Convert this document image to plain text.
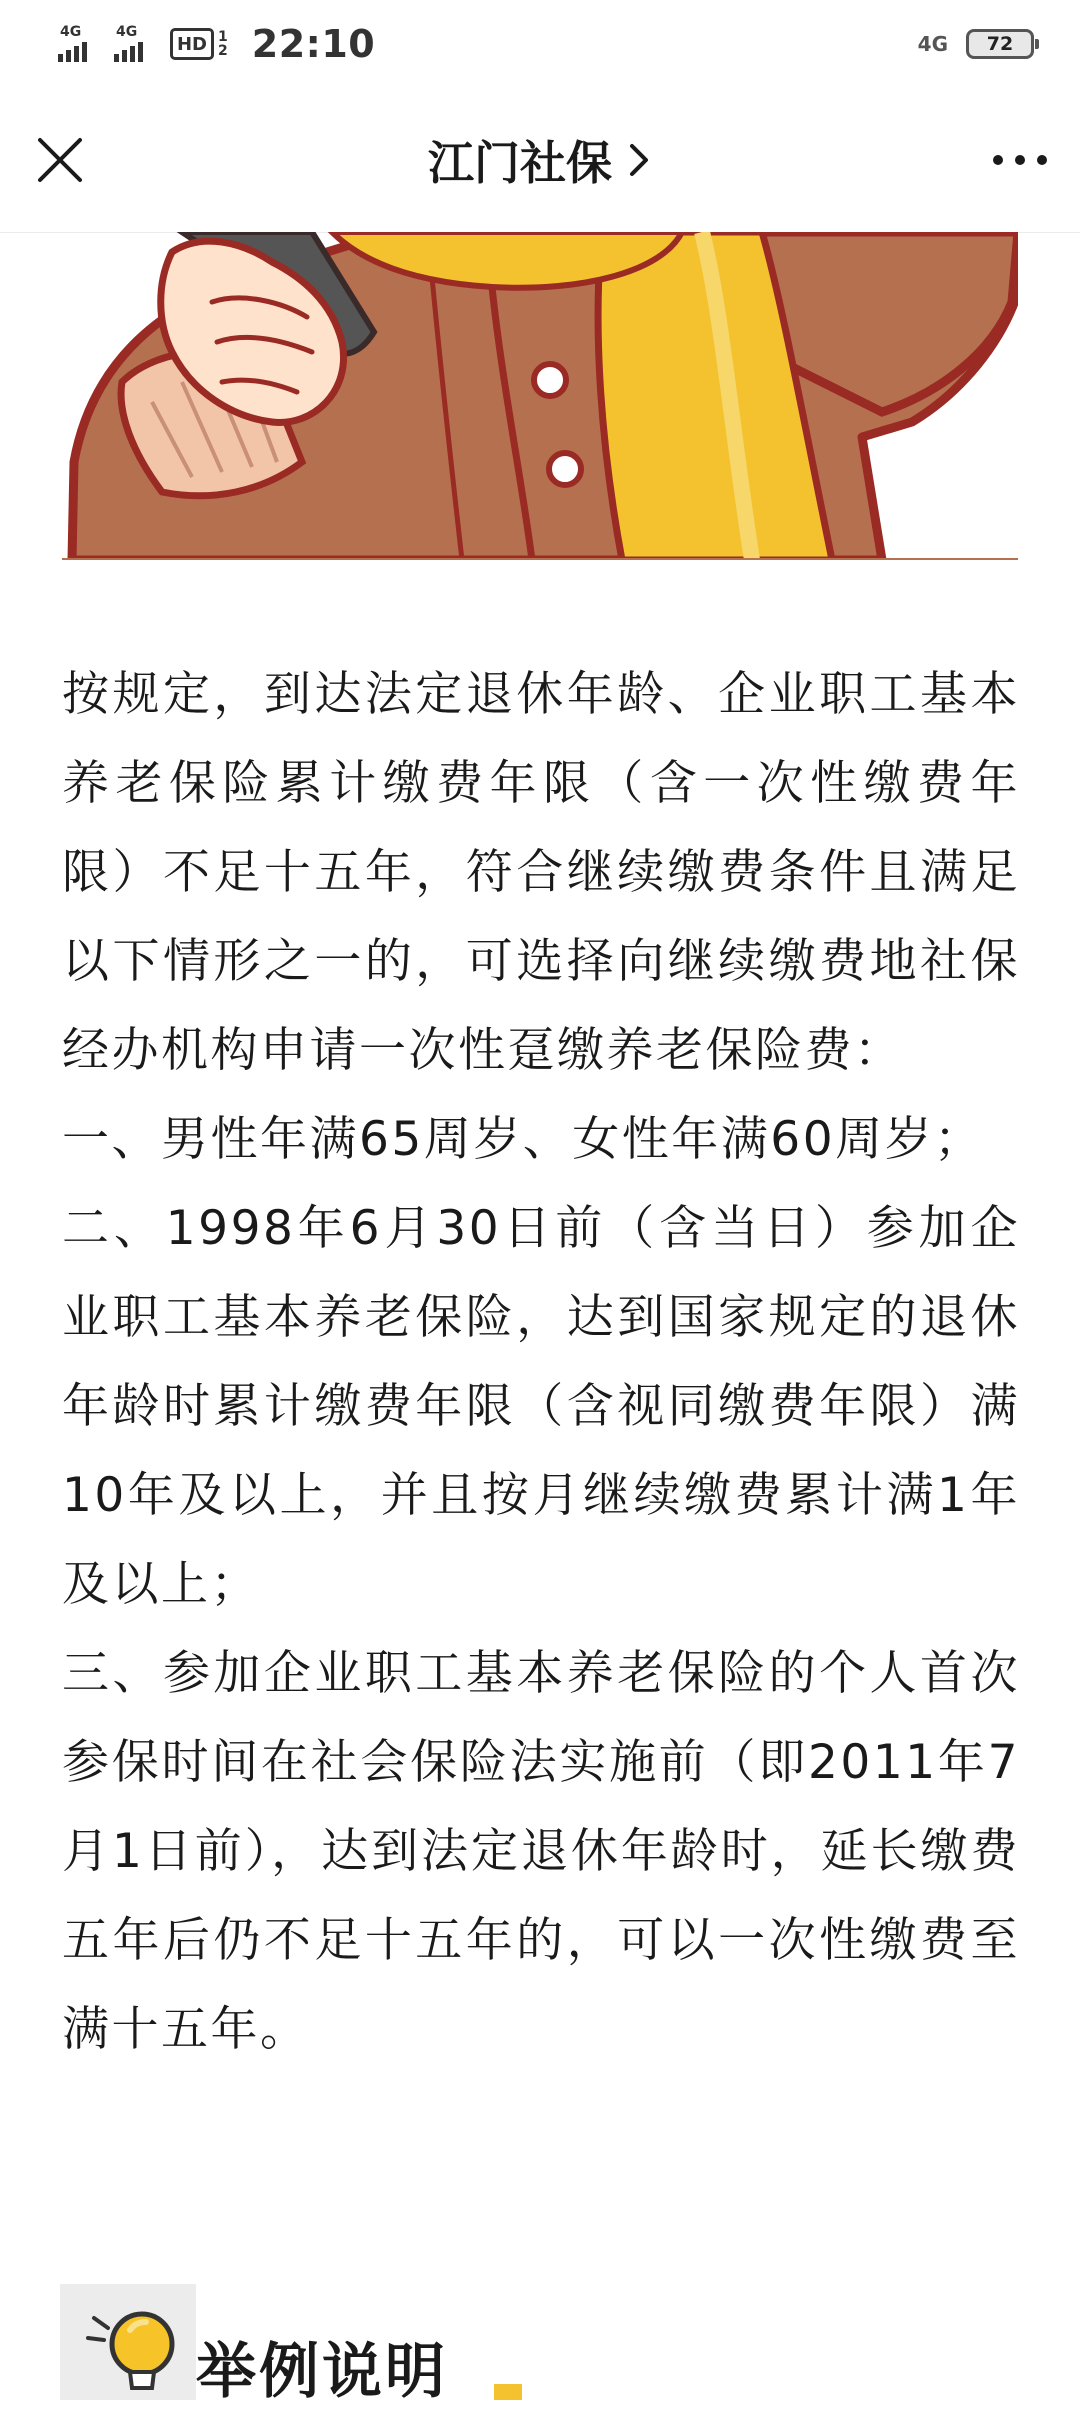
4G 4G
HD 1
2 22:10	4G 72
江门社保

按规定，到达法定退休年龄、企业职工基本养老保险累计缴费年限（含一次性缴费年限）不足十五年，符合继续缴费条件且满足以下情形之一的，可选择向继续缴费地社保经办机构申请一次性趸缴养老保险费：

一、男性年满65周岁、女性年满60周岁；

二、1998年6月30日前（含当日）参加企业职工基本养老保险，达到国家规定的退休年龄时累计缴费年限（含视同缴费年限）满10年及以上，并且按月继续缴费累计满1年及以上；

三、参加企业职工基本养老保险的个人首次参保时间在社会保险法实施前（即2011年7月1日前），达到法定退休年龄时，延长缴费五年后仍不足十五年的，可以一次性缴费至满十五年。

举例说明
